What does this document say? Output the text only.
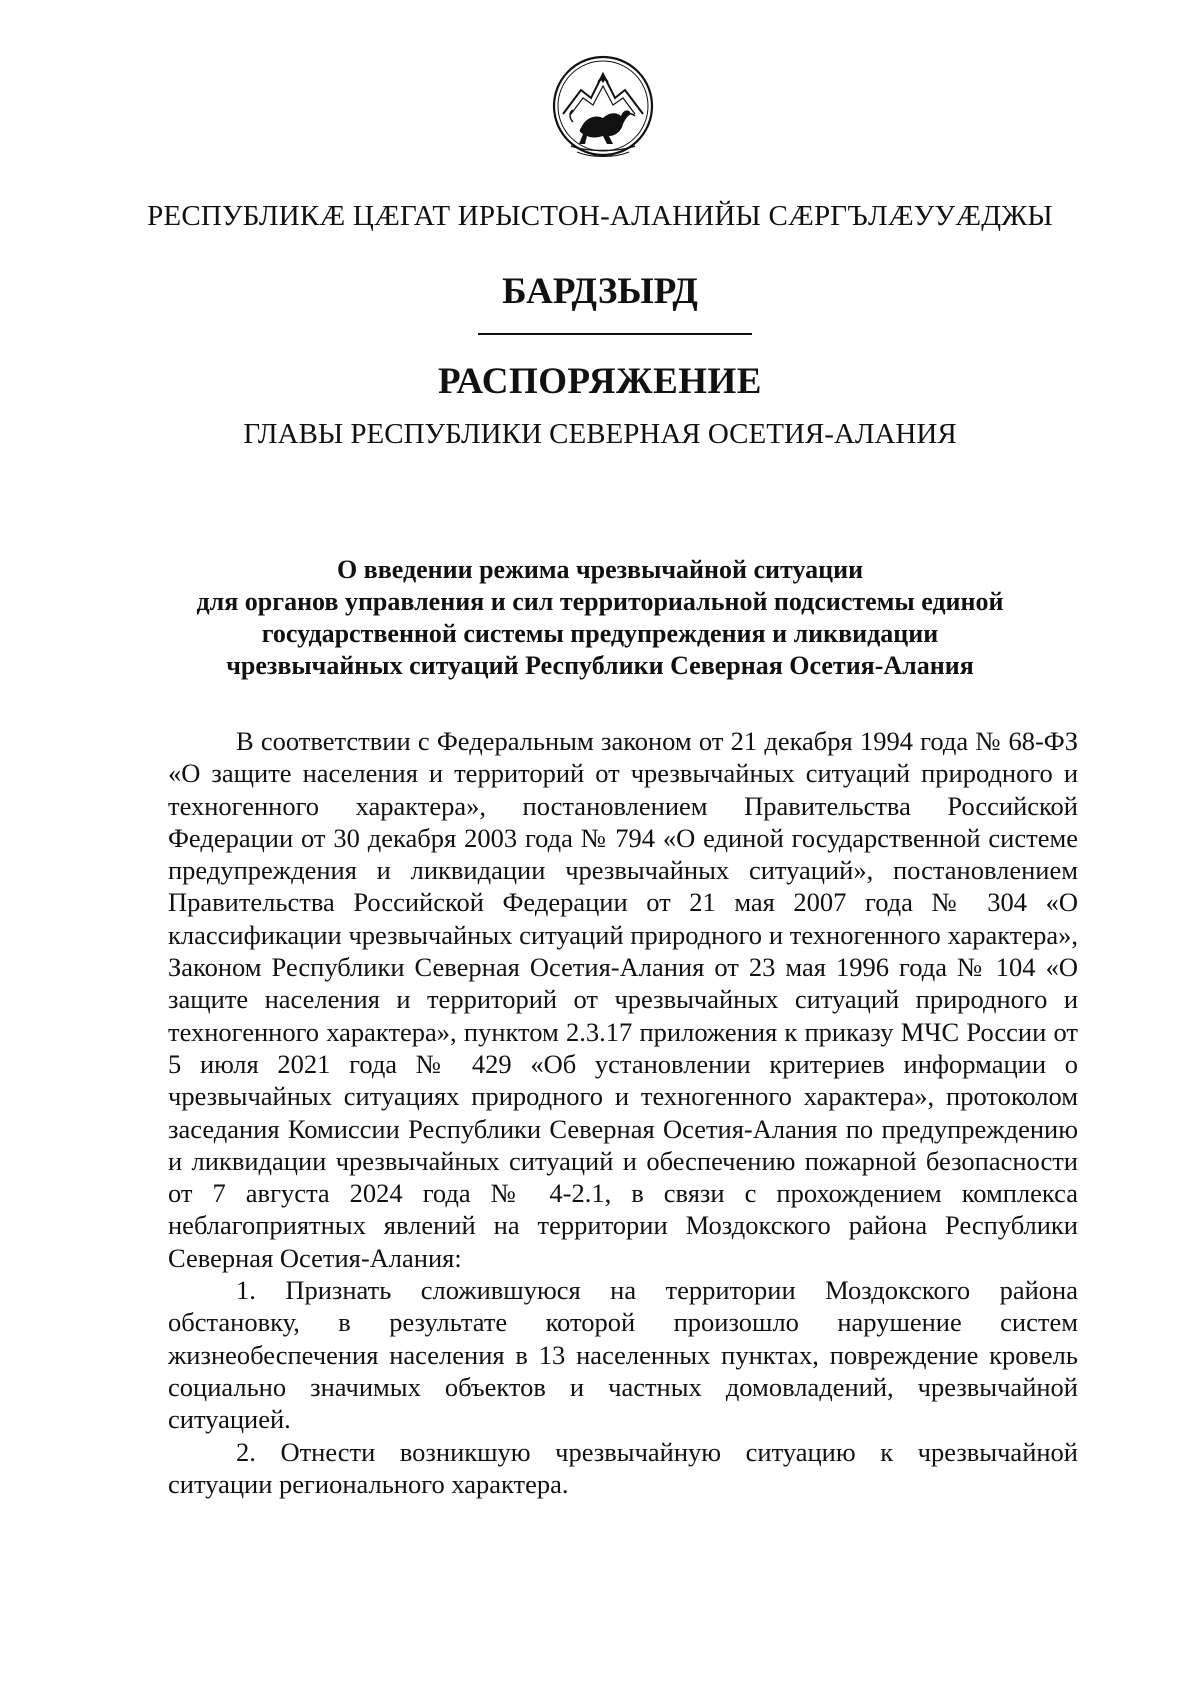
РЕСПУБЛИКӔ ЦӔГАТ ИРЫСТОН-АЛАНИЙЫ СӔРГЪЛӔУУӔДЖЫ
БАРДЗЫРД
РАСПОРЯЖЕНИЕ
ГЛАВЫ РЕСПУБЛИКИ СЕВЕРНАЯ ОСЕТИЯ-АЛАНИЯ
О введении режима чрезвычайной ситуации
для органов управления и сил территориальной подсистемы единой
государственной системы предупреждения и ликвидации
чрезвычайных ситуаций Республики Северная Осетия-Алания

В соответствии с Федеральным законом от 21 декабря 1994 года № 68-ФЗ «О защите населения и территорий от чрезвычайных ситуаций природного и техногенного характера», постановлением Правительства Российской Федерации от 30 декабря 2003 года № 794 «О единой государственной системе предупреждения и ликвидации чрезвычайных ситуаций», постановлением Правительства Российской Федерации от 21 мая 2007 года № 304 «О классификации чрезвычайных ситуаций природного и техногенного характера», Законом Республики Северная Осетия-Алания от 23 мая 1996 года № 104 «О защите населения и территорий от чрезвычайных ситуаций природного и техногенного характера», пунктом 2.3.17 приложения к приказу МЧС России от 5 июля 2021 года № 429 «Об установлении критериев информации о чрезвычайных ситуациях природного и техногенного характера», протоколом заседания Комиссии Республики Северная Осетия-Алания по предупреждению и ликвидации чрезвычайных ситуаций и обеспечению пожарной безопасности от 7 августа 2024 года № 4-2.1, в связи с прохождением комплекса неблагоприятных явлений на территории Моздокского района Республики Северная Осетия-Алания:

1. Признать сложившуюся на территории Моздокского района обстановку, в результате которой произошло нарушение систем жизнеобеспечения населения в 13 населенных пунктах, повреждение кровель социально значимых объектов и частных домовладений, чрезвычайной ситуацией.

2. Отнести возникшую чрезвычайную ситуацию к чрезвычайной ситуации регионального характера.
